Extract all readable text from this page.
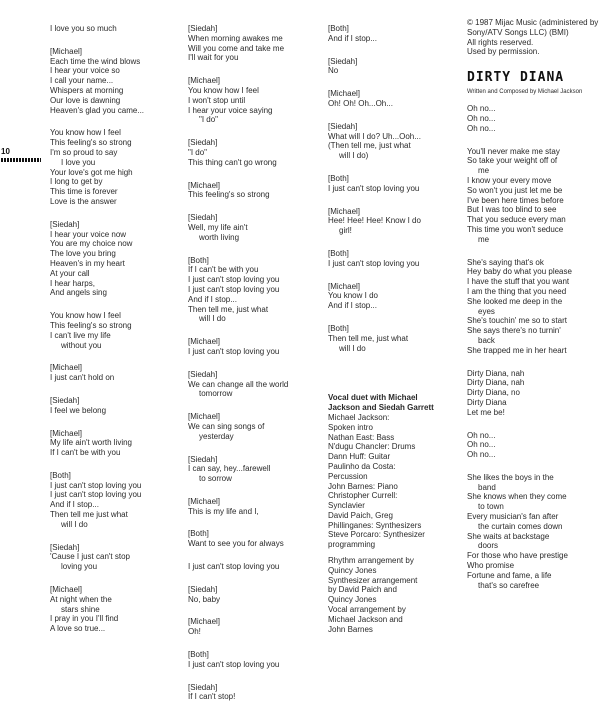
10
I love you so much
[Michael]
Each time the wind blows
I hear your voice so
I call your name...
Whispers at morning
Our love is dawning
Heaven's glad you came...
You know how I feel
This feeling's so strong
I'm so proud to say
I love you
Your love's got me high
I long to get by
This time is forever
Love is the answer
[Siedah]
I hear your voice now
You are my choice now
The love you bring
Heaven's in my heart
At your call
I hear harps,
And angels sing
You know how I feel
This feeling's so strong
I can't live my life
without you
[Michael]
I just can't hold on
[Siedah]
I feel we belong
[Michael]
My life ain't worth living
If I can't be with you
[Both]
I just can't stop loving you
I just can't stop loving you
And if I stop...
Then tell me just what
will I do
[Siedah]
'Cause I just can't stop
loving you
[Michael]
At night when the
stars shine
I pray in you I'll find
A love so true...
[Siedah]
When morning awakes me
Will you come and take me
I'll wait for you
[Michael]
You know how I feel
I won't stop until
I hear your voice saying
"I do"
[Siedah]
"I do"
This thing can't go wrong
[Michael]
This feeling's so strong
[Siedah]
Well, my life ain't
worth living
[Both]
If I can't be with you
I just can't stop loving you
I just can't stop loving you
And if I stop...
Then tell me, just what
will I do
[Michael]
I just can't stop loving you
[Siedah]
We can change all the world
tomorrow
[Michael]
We can sing songs of
yesterday
[Siedah]
I can say, hey...farewell
to sorrow
[Michael]
This is my life and I,
[Both]
Want to see you for always
I just can't stop loving you
[Siedah]
No, baby
[Michael]
Oh!
[Both]
I just can't stop loving you
[Siedah]
If I can't stop!
[Both]
And if I stop...
[Siedah]
No
[Michael]
Oh! Oh! Oh...Oh...
[Siedah]
What will I do? Uh...Ooh...
(Then tell me, just what
will I do)
[Both]
I just can't stop loving you
[Michael]
Hee! Hee! Hee! Know I do
girl!
[Both]
I just can't stop loving you
[Michael]
You know I do
And if I stop...
[Both]
Then tell me, just what
will I do
Vocal duet with Michael
Jackson and Siedah Garrett
Michael Jackson:
Spoken intro
Nathan East: Bass
N'dugu Chancler: Drums
Dann Huff: Guitar
Paulinho da Costa:
Percussion
John Barnes: Piano
Christopher Currell:
Synclavier
David Paich, Greg
Phillinganes: Synthesizers
Steve Porcaro: Synthesizer
programming
Rhythm arrangement by
Quincy Jones
Synthesizer arrangement
by David Paich and
Quincy Jones
Vocal arrangement by
Michael Jackson and
John Barnes
© 1987 Mijac Music (administered by
Sony/ATV Songs LLC) (BMI)
All rights reserved.
Used by permission.
DIRTY DIANA
Written and Composed by Michael Jackson
Oh no...
Oh no...
Oh no...
You'll never make me stay
So take your weight off of
me
I know your every move
So won't you just let me be
I've been here times before
But I was too blind to see
That you seduce every man
This time you won't seduce
me
She's saying that's ok
Hey baby do what you please
I have the stuff that you want
I am the thing that you need
She looked me deep in the
eyes
She's touchin' me so to start
She says there's no turnin'
back
She trapped me in her heart
Dirty Diana, nah
Dirty Diana, nah
Dirty Diana, no
Dirty Diana
Let me be!
Oh no...
Oh no...
Oh no...
She likes the boys in the
band
She knows when they come
to town
Every musician's fan after
the curtain comes down
She waits at backstage
doors
For those who have prestige
Who promise
Fortune and fame, a life
that's so carefree
